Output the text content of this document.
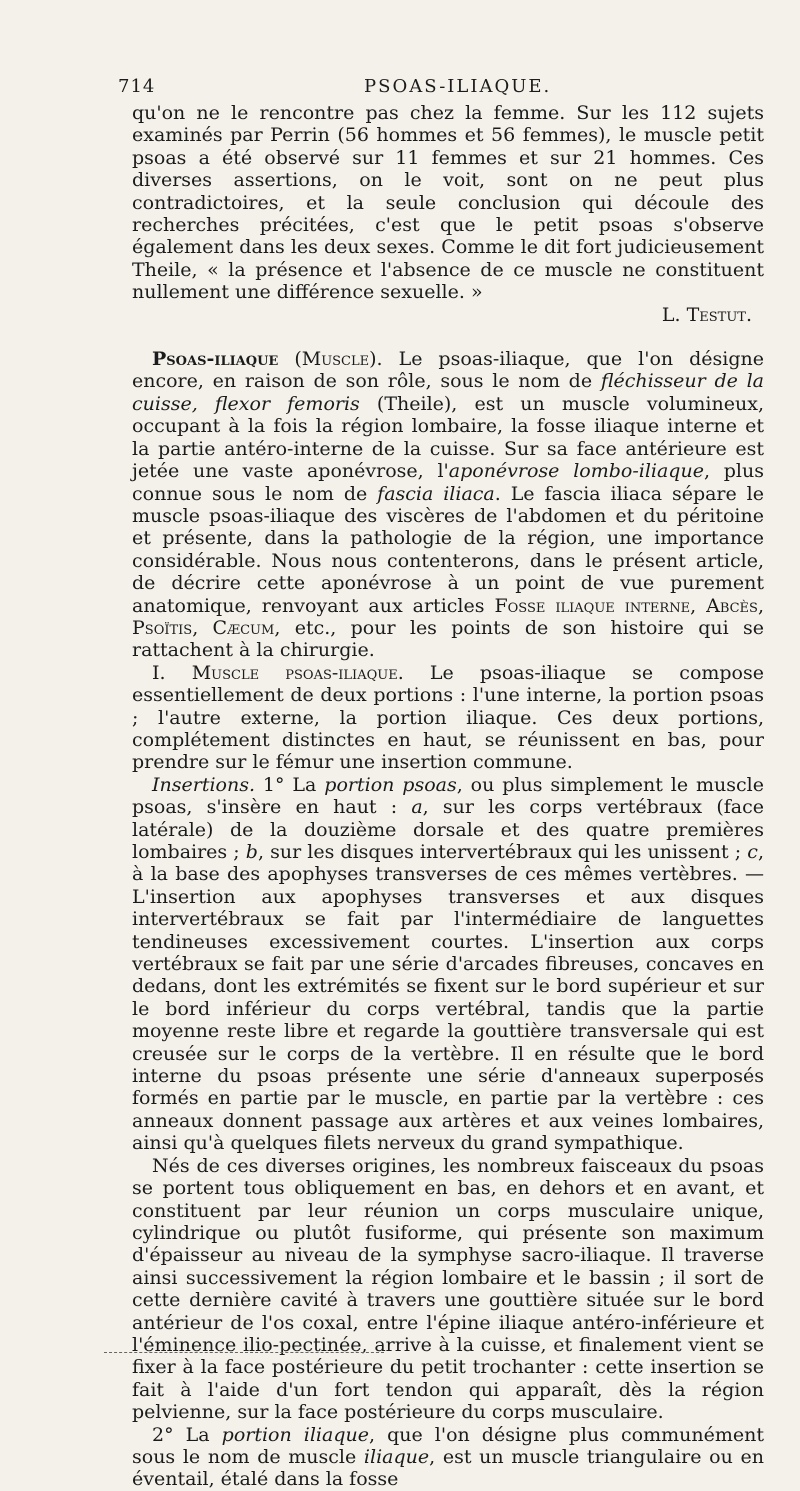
714	PSOAS-ILIAQUE.

qu'on ne le rencontre pas chez la femme. Sur les 112 sujets examinés par Perrin (56 hommes et 56 femmes), le muscle petit psoas a été observé sur 11 femmes et sur 21 hommes. Ces diverses assertions, on le voit, sont on ne peut plus contradictoires, et la seule conclusion qui découle des recherches précitées, c'est que le petit psoas s'observe également dans les deux sexes. Comme le dit fort judicieusement Theile, « la présence et l'absence de ce muscle ne constituent nullement une différence sexuelle. »

L. Testut.

Psoas-iliaque (Muscle). Le psoas-iliaque, que l'on désigne encore, en raison de son rôle, sous le nom de fléchisseur de la cuisse, flexor femoris (Theile), est un muscle volumineux, occupant à la fois la région lombaire, la fosse iliaque interne et la partie antéro-interne de la cuisse. Sur sa face antérieure est jetée une vaste aponévrose, l'aponévrose lombo-iliaque, plus connue sous le nom de fascia iliaca. Le fascia iliaca sépare le muscle psoas-iliaque des viscères de l'abdomen et du péritoine et présente, dans la pathologie de la région, une importance considérable. Nous nous contenterons, dans le présent article, de décrire cette aponévrose à un point de vue purement anatomique, renvoyant aux articles Fosse iliaque interne, Abcès, Psoïtis, Cæcum, etc., pour les points de son histoire qui se rattachent à la chirurgie.

I. Muscle psoas-iliaque. Le psoas-iliaque se compose essentiellement de deux portions : l'une interne, la portion psoas ; l'autre externe, la portion iliaque. Ces deux portions, complétement distinctes en haut, se réunissent en bas, pour prendre sur le fémur une insertion commune.

Insertions. 1° La portion psoas, ou plus simplement le muscle psoas, s'insère en haut : a, sur les corps vertébraux (face latérale) de la douzième dorsale et des quatre premières lombaires ; b, sur les disques intervertébraux qui les unissent ; c, à la base des apophyses transverses de ces mêmes vertèbres. — L'insertion aux apophyses transverses et aux disques intervertébraux se fait par l'intermédiaire de languettes tendineuses excessivement courtes. L'insertion aux corps vertébraux se fait par une série d'arcades fibreuses, concaves en dedans, dont les extrémités se fixent sur le bord supérieur et sur le bord inférieur du corps vertébral, tandis que la partie moyenne reste libre et regarde la gouttière transversale qui est creusée sur le corps de la vertèbre. Il en résulte que le bord interne du psoas présente une série d'anneaux superposés formés en partie par le muscle, en partie par la vertèbre : ces anneaux donnent passage aux artères et aux veines lombaires, ainsi qu'à quelques filets nerveux du grand sympathique.

Nés de ces diverses origines, les nombreux faisceaux du psoas se portent tous obliquement en bas, en dehors et en avant, et constituent par leur réunion un corps musculaire unique, cylindrique ou plutôt fusiforme, qui présente son maximum d'épaisseur au niveau de la symphyse sacro-iliaque. Il traverse ainsi successivement la région lombaire et le bassin ; il sort de cette dernière cavité à travers une gouttière située sur le bord antérieur de l'os coxal, entre l'épine iliaque antéro-inférieure et l'éminence ilio-pectinée, arrive à la cuisse, et finalement vient se fixer à la face postérieure du petit trochanter : cette insertion se fait à l'aide d'un fort tendon qui apparaît, dès la région pelvienne, sur la face postérieure du corps musculaire.

2° La portion iliaque, que l'on désigne plus communément sous le nom de muscle iliaque, est un muscle triangulaire ou en éventail, étalé dans la fosse
